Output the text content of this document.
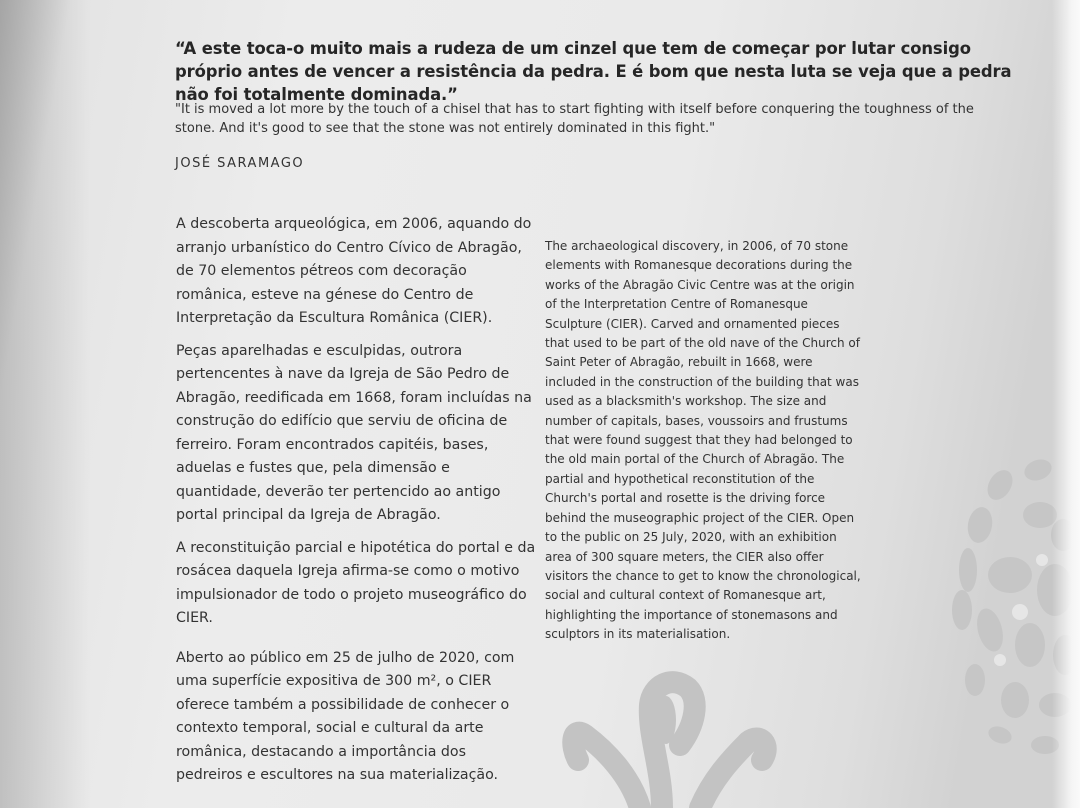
“A este toca-o muito mais a rudeza de um cinzel que tem de começar por lutar consigo próprio antes de vencer a resistência da pedra. E é bom que nesta luta se veja que a pedra não foi totalmente dominada.”
"It is moved a lot more by the touch of a chisel that has to start fighting with itself before conquering the toughness of the stone. And it's good to see that the stone was not entirely dominated in this fight."
JOSÉ SARAMAGO

A descoberta arqueológica, em 2006, aquando do arranjo urbanístico do Centro Cívico de Abragão, de 70 elementos pétreos com decoração românica, esteve na génese do Centro de Interpretação da Escultura Românica (CIER).

Peças aparelhadas e esculpidas, outrora pertencentes à nave da Igreja de São Pedro de Abragão, reedificada em 1668, foram incluídas na construção do edifício que serviu de oficina de ferreiro. Foram encontrados capitéis, bases, aduelas e fustes que, pela dimensão e quantidade, deverão ter pertencido ao antigo portal principal da Igreja de Abragão.

A reconstituição parcial e hipotética do portal e da rosácea daquela Igreja afirma-se como o motivo impulsionador de todo o projeto museográfico do CIER.

Aberto ao público em 25 de julho de 2020, com uma superfície expositiva de 300 m², o CIER oferece também a possibilidade de conhecer o contexto temporal, social e cultural da arte românica, destacando a importância dos pedreiros e escultores na sua materialização.

The archaeological discovery, in 2006, of 70 stone elements with Romanesque decorations during the works of the Abragão Civic Centre was at the origin of the Interpretation Centre of Romanesque Sculpture (CIER). Carved and ornamented pieces that used to be part of the old nave of the Church of Saint Peter of Abragão, rebuilt in 1668, were included in the construction of the building that was used as a blacksmith's workshop. The size and number of capitals, bases, voussoirs and frustums that were found suggest that they had belonged to the old main portal of the Church of Abragão. The partial and hypothetical reconstitution of the Church's portal and rosette is the driving force behind the museographic project of the CIER. Open to the public on 25 July, 2020, with an exhibition area of 300 square meters, the CIER also offer visitors the chance to get to know the chronological, social and cultural context of Romanesque art, highlighting the importance of stonemasons and sculptors in its materialisation.
